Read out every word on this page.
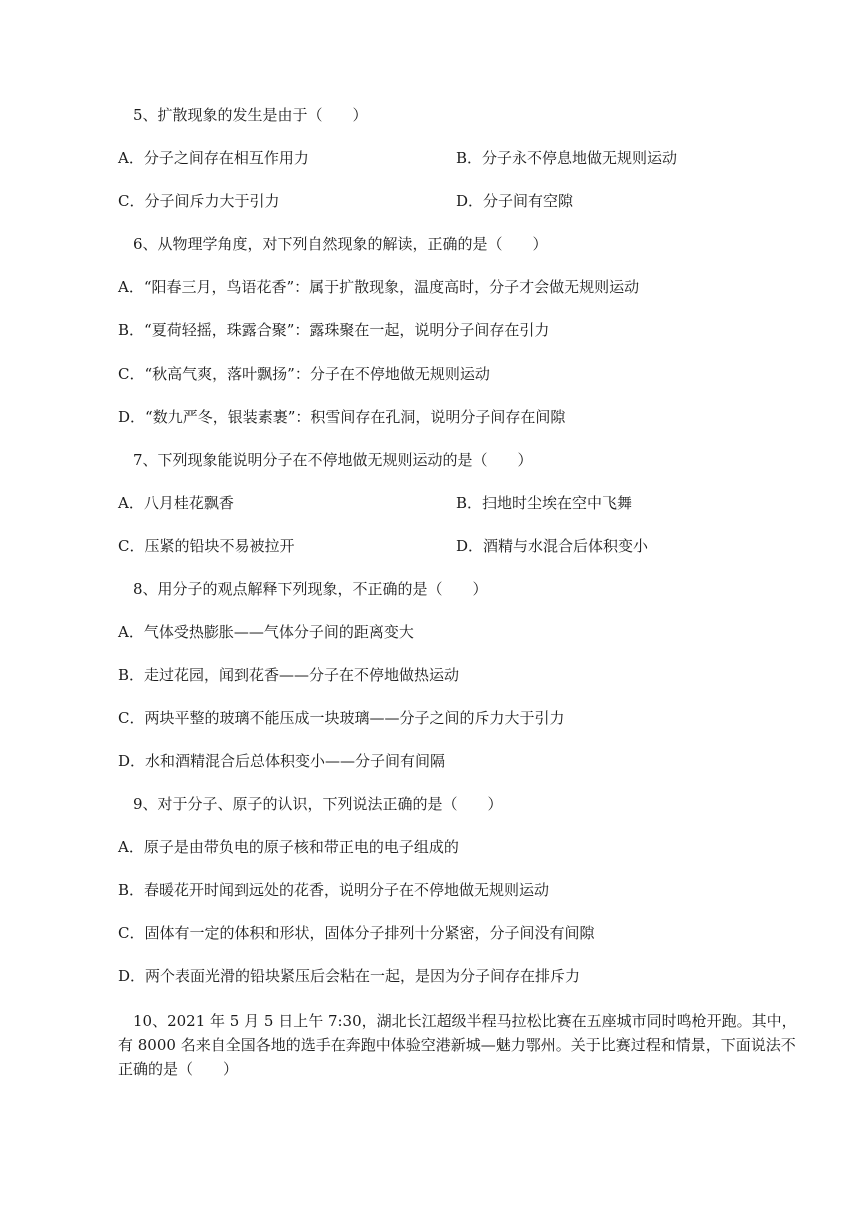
5、扩散现象的发生是由于（　　）
A．分子之间存在相互作用力	B．分子永不停息地做无规则运动
C．分子间斥力大于引力	D．分子间有空隙
6、从物理学角度，对下列自然现象的解读，正确的是（　　）
A．“阳春三月，鸟语花香”：属于扩散现象，温度高时，分子才会做无规则运动
B．“夏荷轻摇，珠露合聚”：露珠聚在一起，说明分子间存在引力
C．“秋高气爽，落叶飘扬”：分子在不停地做无规则运动
D．“数九严冬，银装素裹”：积雪间存在孔洞，说明分子间存在间隙
7、下列现象能说明分子在不停地做无规则运动的是（　　）
A．八月桂花飘香	B．扫地时尘埃在空中飞舞
C．压紧的铅块不易被拉开	D．酒精与水混合后体积变小
8、用分子的观点解释下列现象，不正确的是（　　）
A．气体受热膨胀——气体分子间的距离变大
B．走过花园，闻到花香——分子在不停地做热运动
C．两块平整的玻璃不能压成一块玻璃——分子之间的斥力大于引力
D．水和酒精混合后总体积变小——分子间有间隔
9、对于分子、原子的认识，下列说法正确的是（　　）
A．原子是由带负电的原子核和带正电的电子组成的
B．春暖花开时闻到远处的花香，说明分子在不停地做无规则运动
C．固体有一定的体积和形状，固体分子排列十分紧密，分子间没有间隙
D．两个表面光滑的铅块紧压后会粘在一起，是因为分子间存在排斥力
10、2021 年 5 月 5 日上午 7:30，湖北长江超级半程马拉松比赛在五座城市同时鸣枪开跑。其中，
有 8000 名来自全国各地的选手在奔跑中体验空港新城—魅力鄂州。关于比赛过程和情景，下面说法不
正确的是（　　）
